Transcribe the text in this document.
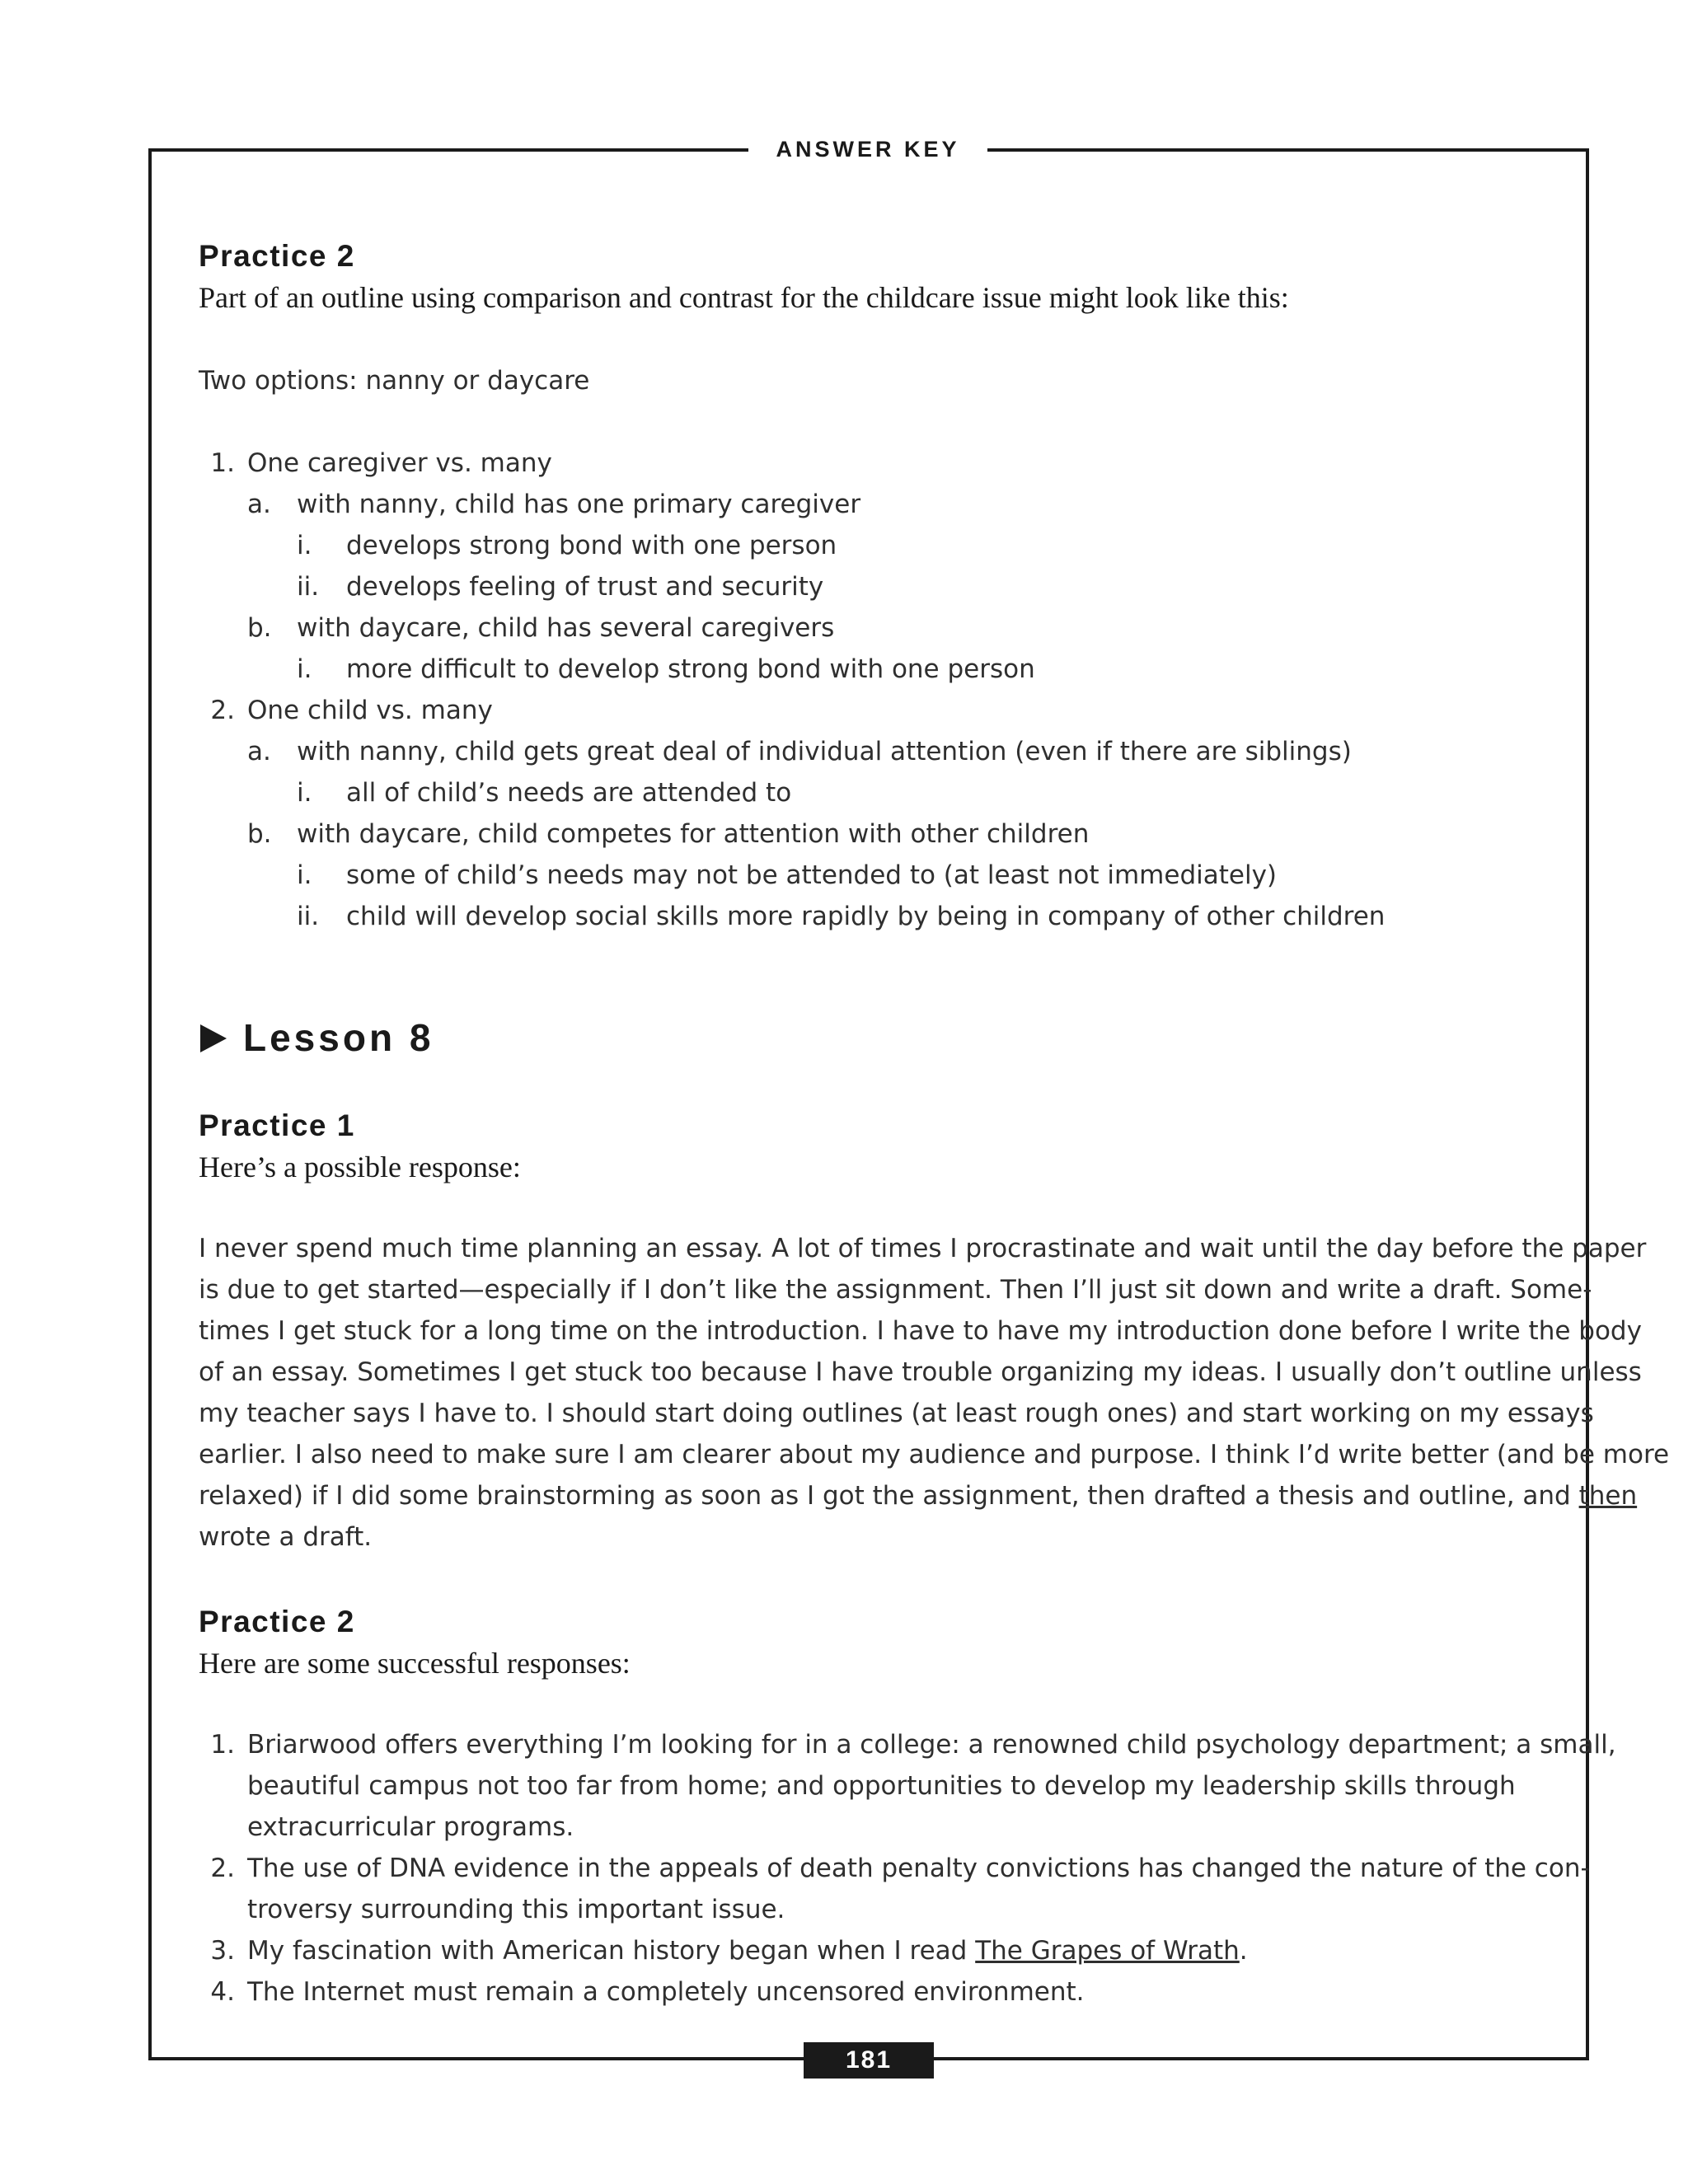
ANSWER KEY
Practice 2
Part of an outline using comparison and contrast for the childcare issue might look like this:
Two options: nanny or daycare
1. One caregiver vs. many
a. with nanny, child has one primary caregiver
i. develops strong bond with one person
ii. develops feeling of trust and security
b. with daycare, child has several caregivers
i. more difficult to develop strong bond with one person
2. One child vs. many
a. with nanny, child gets great deal of individual attention (even if there are siblings)
i. all of child’s needs are attended to
b. with daycare, child competes for attention with other children
i. some of child’s needs may not be attended to (at least not immediately)
ii. child will develop social skills more rapidly by being in company of other children
Lesson 8
Practice 1
Here’s a possible response:
I never spend much time planning an essay. A lot of times I procrastinate and wait until the day before the paper
is due to get started—especially if I don’t like the assignment. Then I’ll just sit down and write a draft. Some-
times I get stuck for a long time on the introduction. I have to have my introduction done before I write the body
of an essay. Sometimes I get stuck too because I have trouble organizing my ideas. I usually don’t outline unless
my teacher says I have to. I should start doing outlines (at least rough ones) and start working on my essays
earlier. I also need to make sure I am clearer about my audience and purpose. I think I’d write better (and be more
relaxed) if I did some brainstorming as soon as I got the assignment, then drafted a thesis and outline, and then
wrote a draft.
Practice 2
Here are some successful responses:
1. Briarwood offers everything I’m looking for in a college: a renowned child psychology department; a small,
beautiful campus not too far from home; and opportunities to develop my leadership skills through
extracurricular programs.
2. The use of DNA evidence in the appeals of death penalty convictions has changed the nature of the con-
troversy surrounding this important issue.
3. My fascination with American history began when I read The Grapes of Wrath.
4. The Internet must remain a completely uncensored environment.
181
